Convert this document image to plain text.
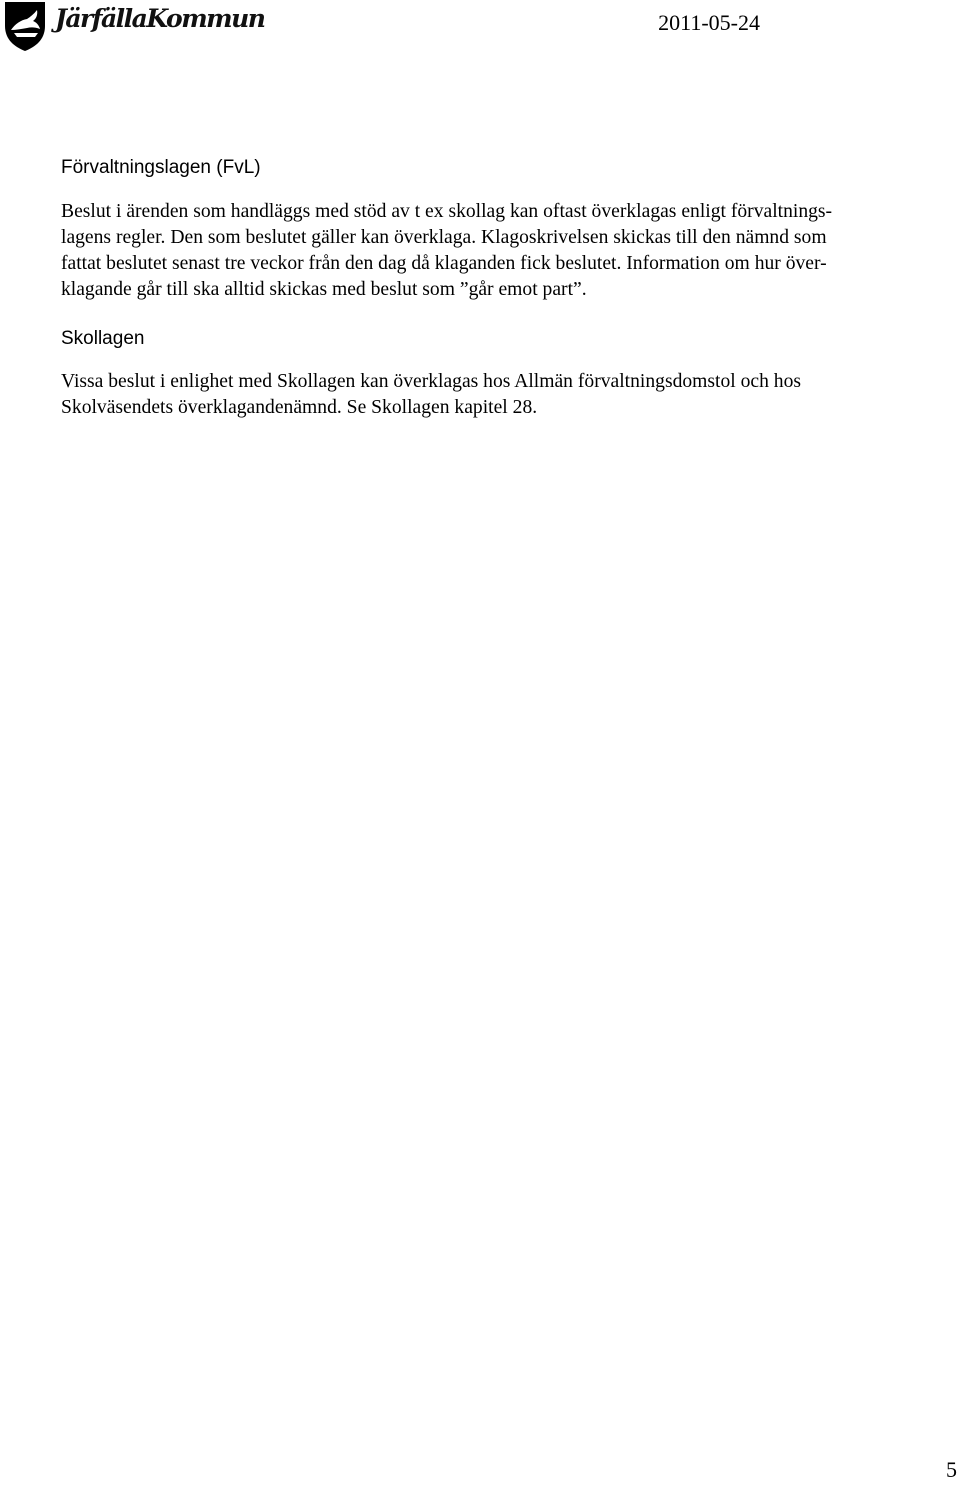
JärfällaKommun	2011-05-24

Förvaltningslagen (FvL)

Beslut i ärenden som handläggs med stöd av t ex skollag kan oftast överklagas enligt förvaltnings-
lagens regler. Den som beslutet gäller kan överklaga. Klagoskrivelsen skickas till den nämnd som
fattat beslutet senast tre veckor från den dag då klaganden fick beslutet. Information om hur över-
klagande går till ska alltid skickas med beslut som ”går emot part”.

Skollagen

Vissa beslut i enlighet med Skollagen kan överklagas hos Allmän förvaltningsdomstol och hos
Skolväsendets överklagandenämnd. Se Skollagen kapitel 28.

5
